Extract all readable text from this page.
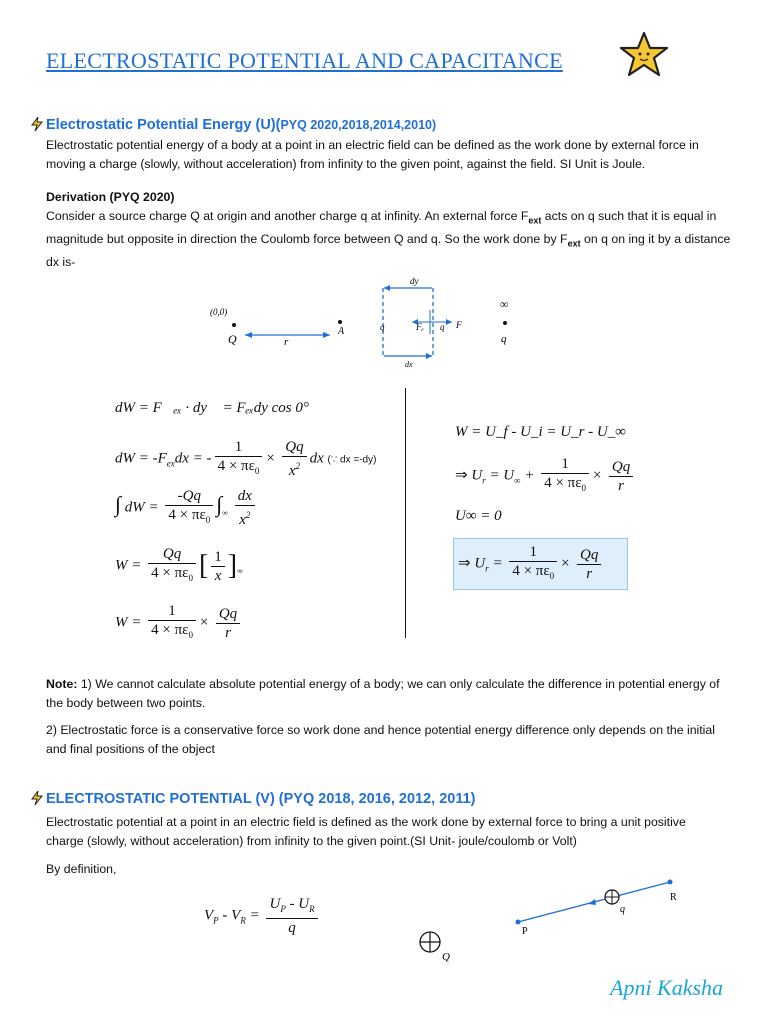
ELECTROSTATIC POTENTIAL AND CAPACITANCE
Electrostatic Potential Energy (U)(PYQ 2020,2018,2014,2010)
Electrostatic potential energy of a body at a point in an electric field can be defined as the work done by external force in moving a charge (slowly, without acceleration) from infinity to the given point, against the field. SI Unit is Joule.
Derivation (PYQ 2020)
Consider a source charge Q at origin and another charge q at infinity. An external force $F_{ext}$ acts on q such that it is equal in magnitude but opposite in direction the Coulomb force between Q and q. So the work done by $F_{ext}$ on q on ing it by a distance dx is-
(0,0)
Q	r
A
dy
dx
q	Fₑ q F
∞
q
dW = F⃗ₑₓ · dy⃗ = Fₑₓdy cos 0°
dW = $-F_{ex}dx$ = - $\frac{1}{4 \times \pi\varepsilon_0} \times \frac{Qq}{x^2}$ dx (∵ dx =-dy)
∫ dW = $\frac{-Qq}{4 \times \pi\varepsilon_0} \int_\infty \frac{dx}{x^2}$
$W = \frac{Qq}{4 \times \pi\varepsilon_0}$ [ $\frac{1}{x} ]_\infty$
$W = \frac{1}{4 \times \pi\varepsilon_0} \times \frac{Qq}{r}$
W = U_f - U_i = U_r - U_∞
⇒ $U_r = U_\infty + \frac{1}{4 \times \pi\varepsilon_0} \times \frac{Qq}{r}$
U∞ = 0
⇒ $U_r = \frac{1}{4 \times \pi\varepsilon_0} \times \frac{Qq}{r}$
Note: 1) We cannot calculate absolute potential energy of a body; we can only calculate the difference in potential energy of the body between two points.
2) Electrostatic force is a conservative force so work done and hence potential energy difference only depends on the initial and final positions of the object
ELECTROSTATIC POTENTIAL (V) (PYQ 2018, 2016, 2012, 2011)
Electrostatic potential at a point in an electric field is defined as the work done by external force to bring a unit positive charge (slowly, without acceleration) from infinity to the given point.(SI Unit- joule/coulomb or Volt)
By definition,
$V_P - V_R = \frac{U_P - U_R}{q}$
Q
q
P
R
Apni Kaksha
